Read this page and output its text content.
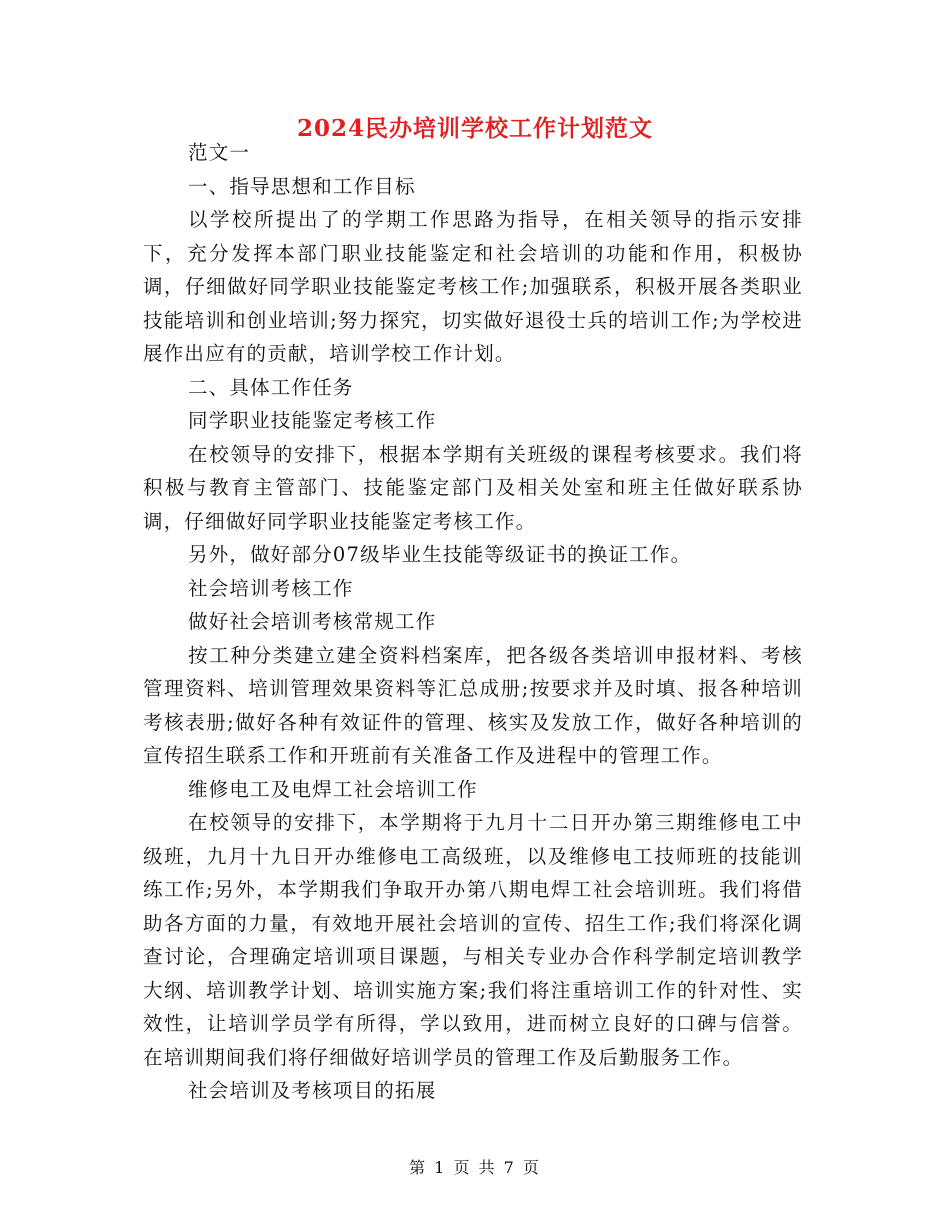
2024民办培训学校工作计划范文

范文一

一、指导思想和工作目标

以学校所提出了的学期工作思路为指导，在相关领导的指示安排下，充分发挥本部门职业技能鉴定和社会培训的功能和作用，积极协调，仔细做好同学职业技能鉴定考核工作;加强联系，积极开展各类职业技能培训和创业培训;努力探究，切实做好退役士兵的培训工作;为学校进展作出应有的贡献，培训学校工作计划。

二、具体工作任务

同学职业技能鉴定考核工作

在校领导的安排下，根据本学期有关班级的课程考核要求。我们将积极与教育主管部门、技能鉴定部门及相关处室和班主任做好联系协调，仔细做好同学职业技能鉴定考核工作。

另外，做好部分07级毕业生技能等级证书的换证工作。

社会培训考核工作

做好社会培训考核常规工作

按工种分类建立建全资料档案库，把各级各类培训申报材料、考核管理资料、培训管理效果资料等汇总成册;按要求并及时填、报各种培训考核表册;做好各种有效证件的管理、核实及发放工作，做好各种培训的宣传招生联系工作和开班前有关准备工作及进程中的管理工作。

维修电工及电焊工社会培训工作

在校领导的安排下，本学期将于九月十二日开办第三期维修电工中级班，九月十九日开办维修电工高级班，以及维修电工技师班的技能训练工作;另外，本学期我们争取开办第八期电焊工社会培训班。我们将借助各方面的力量，有效地开展社会培训的宣传、招生工作;我们将深化调查讨论，合理确定培训项目课题，与相关专业办合作科学制定培训教学大纲、培训教学计划、培训实施方案;我们将注重培训工作的针对性、实效性，让培训学员学有所得，学以致用，进而树立良好的口碑与信誉。在培训期间我们将仔细做好培训学员的管理工作及后勤服务工作。

社会培训及考核项目的拓展

第 1 页 共 7 页
